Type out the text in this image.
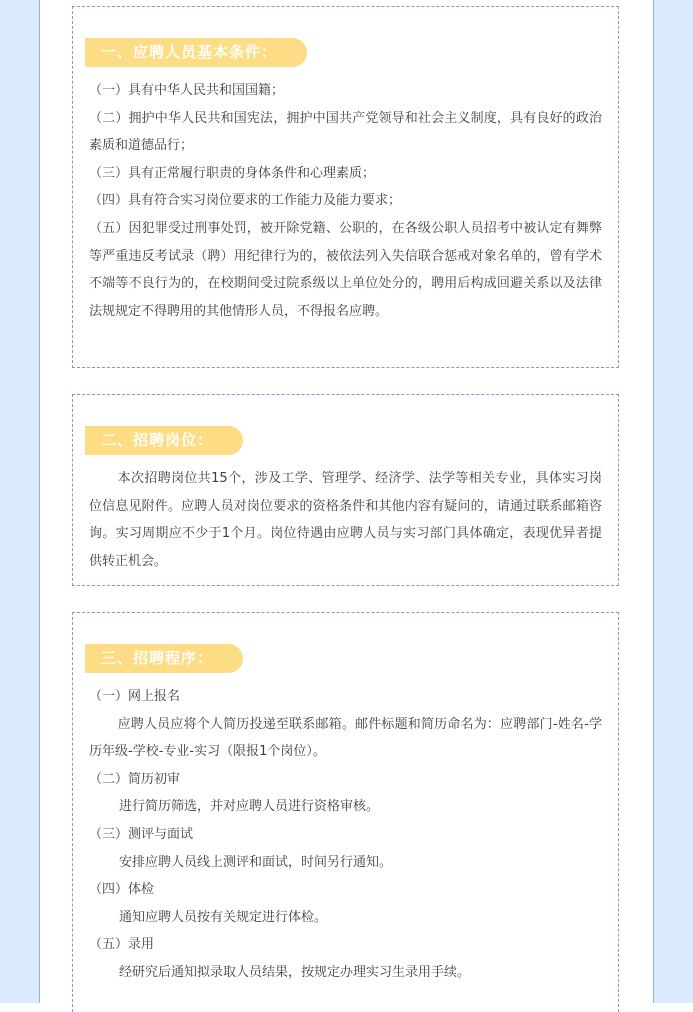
一、应聘人员基本条件：

（一）具有中华人民共和国国籍；

（二）拥护中华人民共和国宪法，拥护中国共产党领导和社会主义制度，具有良好的政治素质和道德品行；

（三）具有正常履行职责的身体条件和心理素质；

（四）具有符合实习岗位要求的工作能力及能力要求；

（五）因犯罪受过刑事处罚，被开除党籍、公职的，在各级公职人员招考中被认定有舞弊等严重违反考试录（聘）用纪律行为的，被依法列入失信联合惩戒对象名单的，曾有学术不端等不良行为的，在校期间受过院系级以上单位处分的，聘用后构成回避关系以及法律法规规定不得聘用的其他情形人员，不得报名应聘。

二、招聘岗位：

本次招聘岗位共15个，涉及工学、管理学、经济学、法学等相关专业，具体实习岗位信息见附件。应聘人员对岗位要求的资格条件和其他内容有疑问的，请通过联系邮箱咨询。实习周期应不少于1个月。岗位待遇由应聘人员与实习部门具体确定，表现优异者提供转正机会。

三、招聘程序：

（一）网上报名

应聘人员应将个人简历投递至联系邮箱。邮件标题和简历命名为：应聘部门-姓名-学历年级-学校-专业-实习（限报1个岗位）。

（二）简历初审

进行简历筛选，并对应聘人员进行资格审核。

（三）测评与面试

安排应聘人员线上测评和面试，时间另行通知。

（四）体检

通知应聘人员按有关规定进行体检。

（五）录用

经研究后通知拟录取人员结果，按规定办理实习生录用手续。
